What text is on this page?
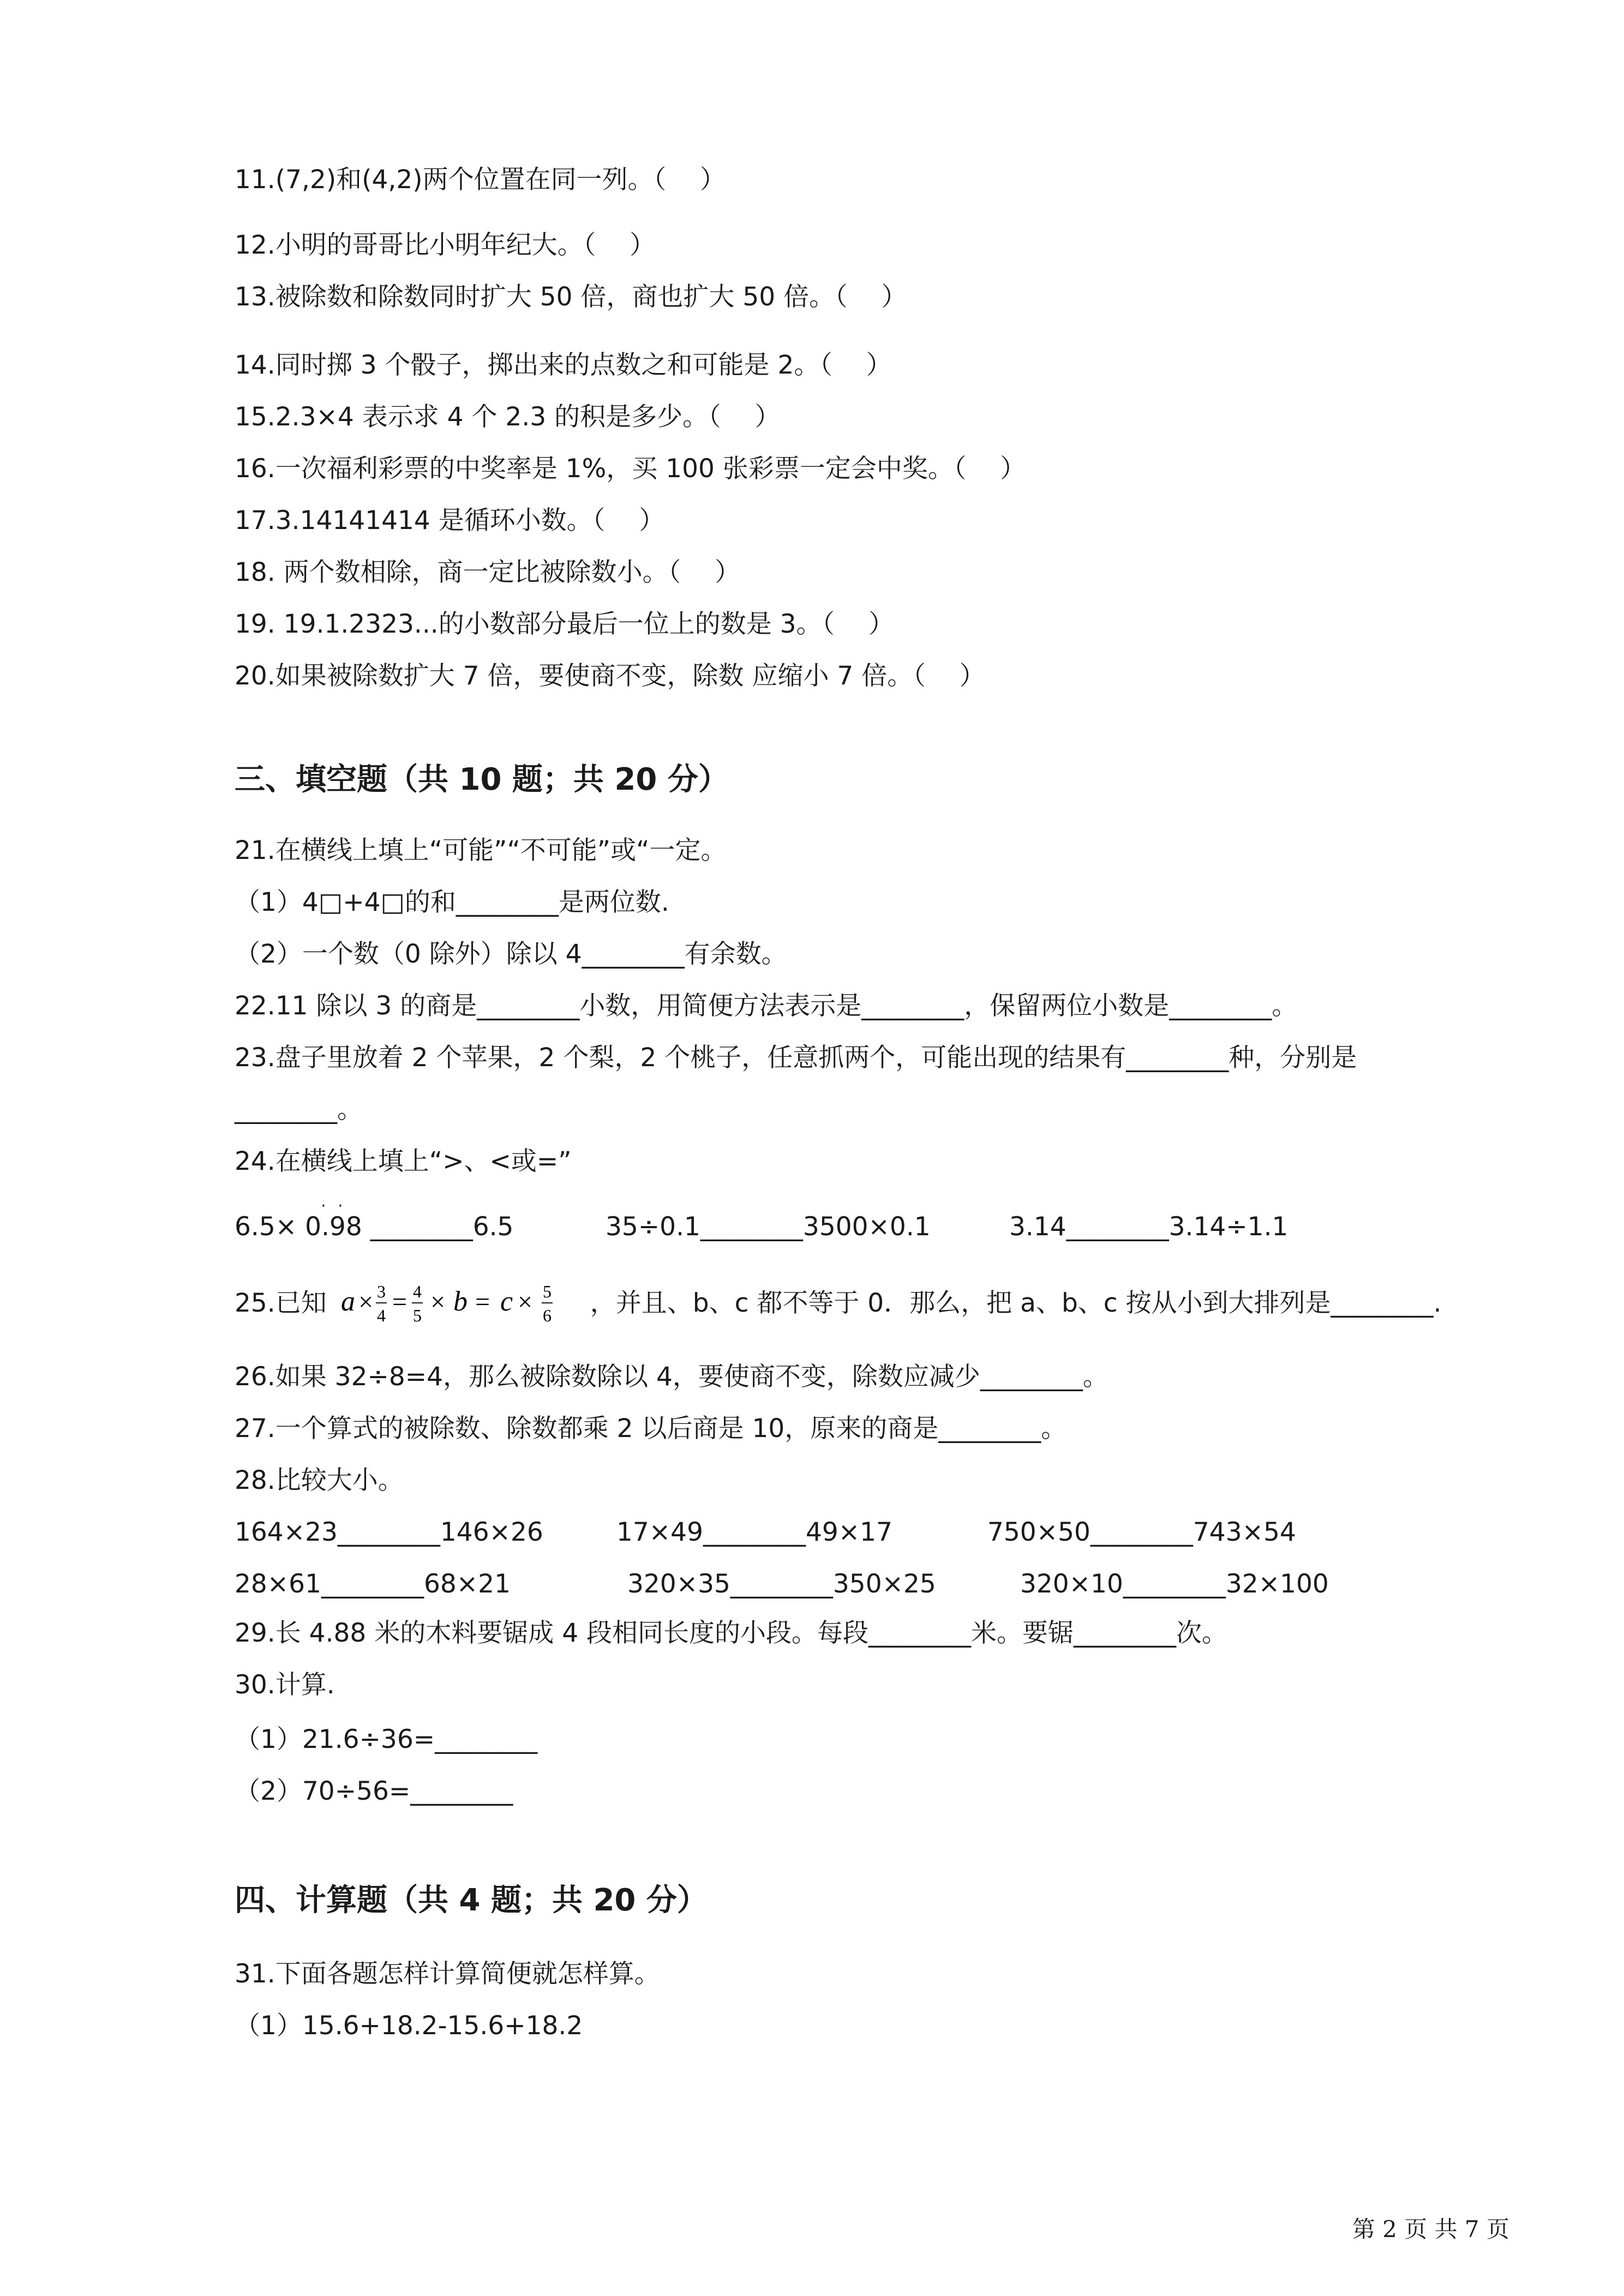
11.(7,2)和(4,2)两个位置在同一列。（　 ）

12.小明的哥哥比小明年纪大。（　 ）

13.被除数和除数同时扩大 50 倍，商也扩大 50 倍。（　 ）

14.同时掷 3 个骰子，掷出来的点数之和可能是 2。（　 ）

15.2.3×4 表示求 4 个 2.3 的积是多少。（　 ）

16.一次福利彩票的中奖率是 1%，买 100 张彩票一定会中奖。（　 ）

17.3.14141414 是循环小数。（　 ）

18. 两个数相除，商一定比被除数小。（　 ）

19. 19.1.2323...的小数部分最后一位上的数是 3。（　 ）

20.如果被除数扩大 7 倍，要使商不变，除数 应缩小 7 倍。（　 ）

三、填空题（共 10 题；共 20 分）

21.在横线上填上“可能”“不可能”或“一定。

（1）4□+4□的和________是两位数.

（2）一个数（0 除外）除以 4________有余数。

22.11 除以 3 的商是________小数，用简便方法表示是________，保留两位小数是________。

23.盘子里放着 2 个苹果，2 个梨，2 个桃子，任意抓两个，可能出现的结果有________种，分别是

________。

24.在横线上填上“>、<或=”

6.5×
· ·
0.98 ________6.5	35÷0.1________3500×0.1	3.14________3.14÷1.1
25.已知 a × 3
4 = 4
5 × b = c × 5
6 ，并且、b、c 都不等于 0．那么，把 a、b、c 按从小到大排列是________.

26.如果 32÷8=4，那么被除数除以 4，要使商不变，除数应减少________。

27.一个算式的被除数、除数都乘 2 以后商是 10，原来的商是________。

28.比较大小。

164×23________146×26	17×49________49×17	750×50________743×54
28×61________68×21	320×35________350×25	320×10________32×100

29.长 4.88 米的木料要锯成 4 段相同长度的小段。每段________米。要锯________次。

30.计算.

（1）21.6÷36=________

（2）70÷56=________

四、计算题（共 4 题；共 20 分）

31.下面各题怎样计算简便就怎样算。

（1）15.6+18.2-15.6+18.2

第 2 页 共 7 页
